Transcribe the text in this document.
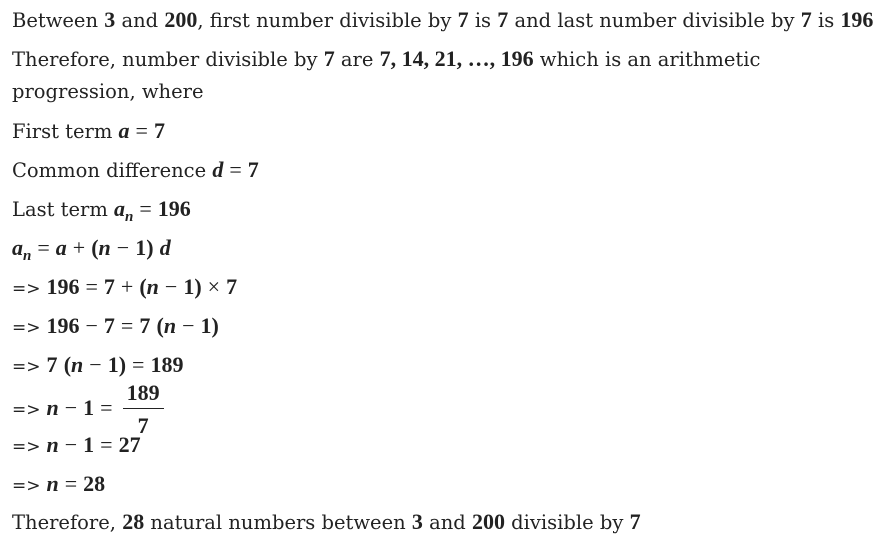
Between 3 and 200, first number divisible by 7 is 7 and last number divisible by 7 is 196
Therefore, number divisible by 7 are 7, 14, 21, …, 196 which is an arithmetic progression, where
First term a = 7
Common difference d = 7
Last term $a_n = 196$
$a_n = a + (n - 1)$ d
=> 196 = 7 + (n − 1) × 7
=> 196 − 7 = 7 (n − 1)
=> 7 (n − 1) = 189
=> $n - 1 = \frac{189}{7}$
=> n − 1 = 27
=> n = 28
Therefore, 28 natural numbers between 3 and 200 divisible by 7
